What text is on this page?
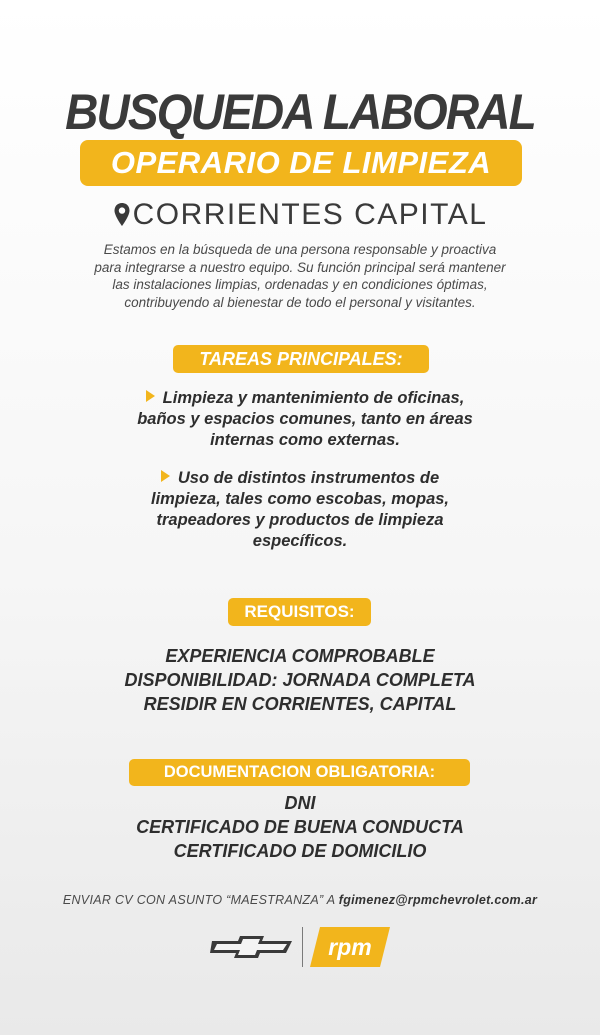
BUSQUEDA LABORAL
OPERARIO DE LIMPIEZA
CORRIENTES CAPITAL
Estamos en la búsqueda de una persona responsable y proactiva
para integrarse a nuestro equipo. Su función principal será mantener
las instalaciones limpias, ordenadas y en condiciones óptimas,
contribuyendo al bienestar de todo el personal y visitantes.
TAREAS PRINCIPALES:
Limpieza y mantenimiento de oficinas,
baños y espacios comunes, tanto en áreas
internas como externas.
Uso de distintos instrumentos de
limpieza, tales como escobas, mopas,
trapeadores y productos de limpieza
específicos.
REQUISITOS:
EXPERIENCIA COMPROBABLE
DISPONIBILIDAD: JORNADA COMPLETA
RESIDIR EN CORRIENTES, CAPITAL
DOCUMENTACION OBLIGATORIA:
DNI
CERTIFICADO DE BUENA CONDUCTA
CERTIFICADO DE DOMICILIO
ENVIAR CV CON ASUNTO “MAESTRANZA” A fgimenez@rpmchevrolet.com.ar
rpm
